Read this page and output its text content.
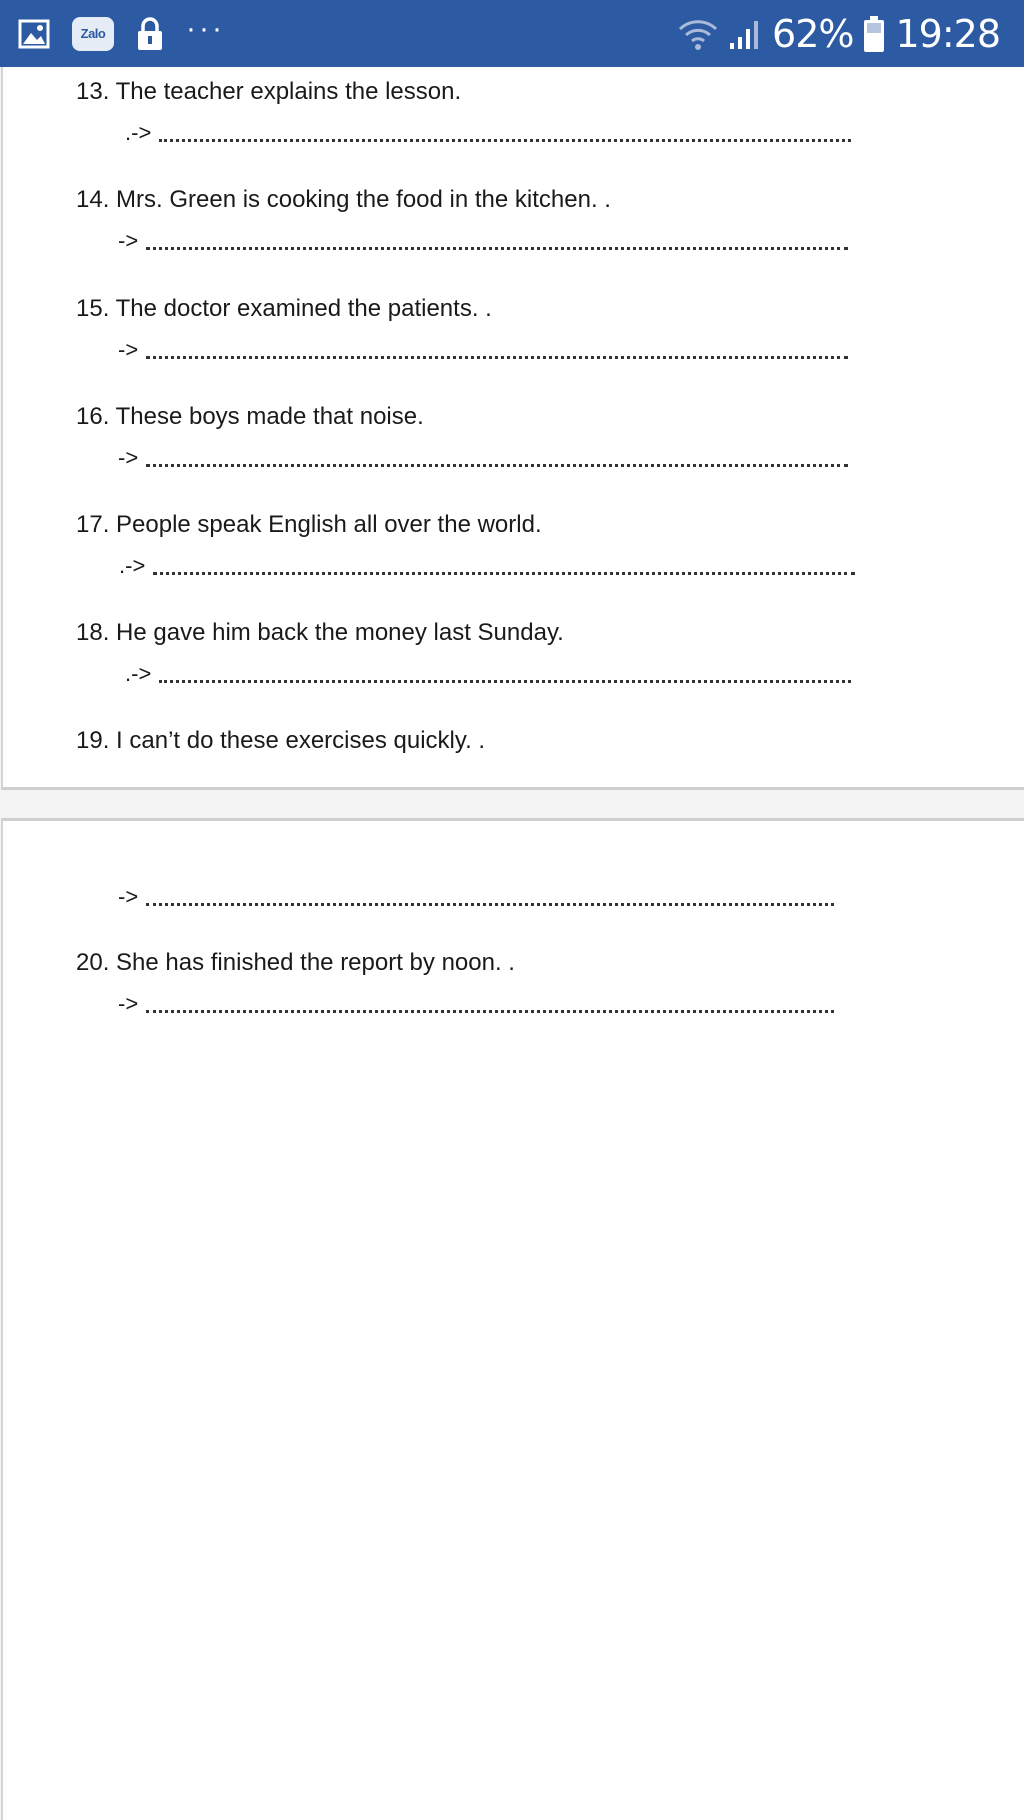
Zalo	···	62% 19:28
13. The teacher explains the lesson.
.->
14. Mrs. Green is cooking the food in the kitchen. .
->
15. The doctor examined the patients. .
->
16. These boys made that noise.
->
17. People speak English all over the world.
.->
18. He gave him back the money last Sunday.
.->
19. I can’t do these exercises quickly. .
->
20. She has finished the report by noon. .
->
